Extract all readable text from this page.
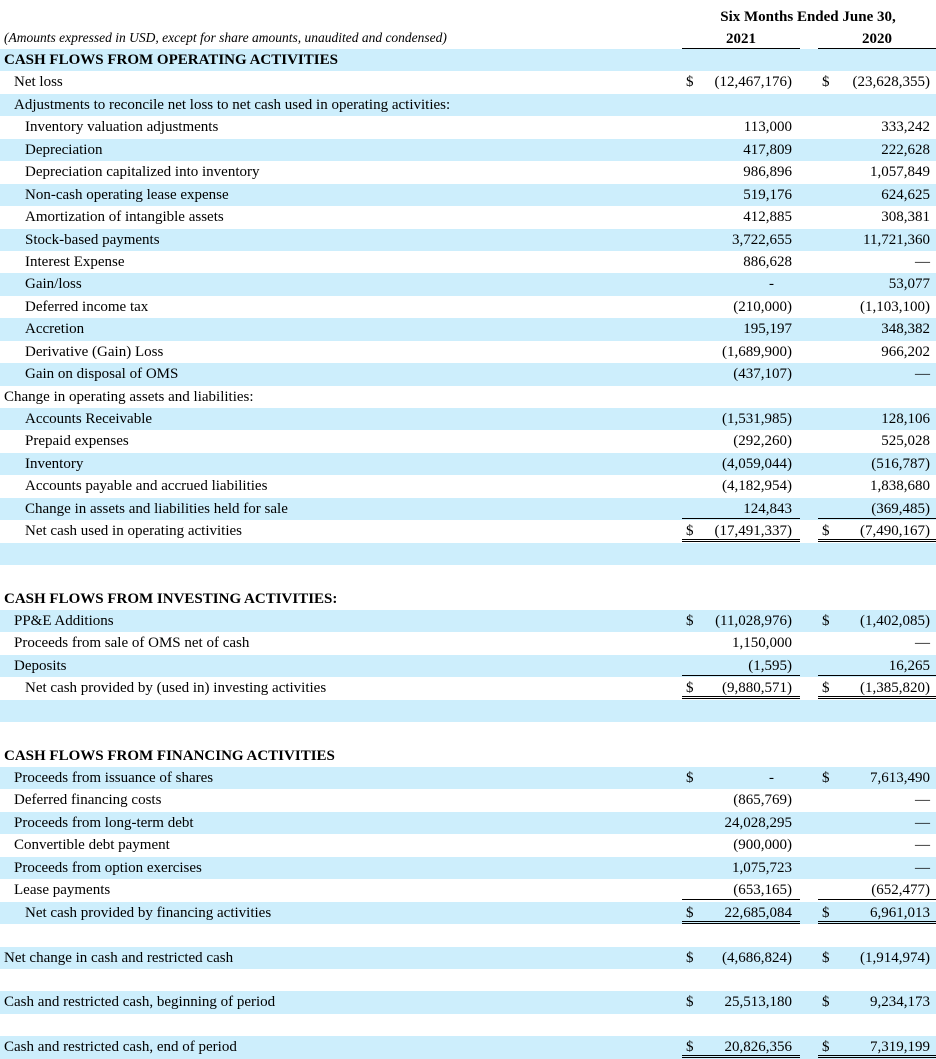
(Amounts expressed in USD, except for share amounts, unaudited and condensed)
Six Months Ended June 30,
2021	2020
CASH FLOWS FROM OPERATING ACTIVITIES
Net loss	$ (12,467,176) $ (23,628,355)
Adjustments to reconcile net loss to net cash used in operating activities:
Inventory valuation adjustments	113,000	333,242
Depreciation	417,809	222,628
Depreciation capitalized into inventory	986,896	1,057,849
Non-cash operating lease expense	519,176	624,625
Amortization of intangible assets	412,885	308,381
Stock-based payments	3,722,655	11,721,360
Interest Expense	886,628	—
Gain/loss	-	53,077
Deferred income tax	(210,000)	(1,103,100)
Accretion	195,197	348,382
Derivative (Gain) Loss	(1,689,900)	966,202
Gain on disposal of OMS	(437,107)	—
Change in operating assets and liabilities:
Accounts Receivable	(1,531,985)	128,106
Prepaid expenses	(292,260)	525,028
Inventory	(4,059,044)	(516,787)
Accounts payable and accrued liabilities	(4,182,954)	1,838,680
Change in assets and liabilities held for sale	124,843	(369,485)
Net cash used in operating activities	$ (17,491,337) $ (7,490,167)
CASH FLOWS FROM INVESTING ACTIVITIES:
PP&E Additions	$ (11,028,976) $ (1,402,085)
Proceeds from sale of OMS net of cash	1,150,000	—
Deposits	(1,595)	16,265
Net cash provided by (used in) investing activities	$ (9,880,571) $ (1,385,820)
CASH FLOWS FROM FINANCING ACTIVITIES
Proceeds from issuance of shares	$	-	$	7,613,490
Deferred financing costs	(865,769)	—
Proceeds from long-term debt	24,028,295	—
Convertible debt payment	(900,000)	—
Proceeds from option exercises	1,075,723	—
Lease payments	(653,165)	(652,477)
Net cash provided by financing activities	$ 22,685,084 $	6,961,013
Net change in cash and restricted cash	$ (4,686,824) $ (1,914,974)
Cash and restricted cash, beginning of period	$ 25,513,180 $	9,234,173
Cash and restricted cash, end of period	$ 20,826,356 $	7,319,199
